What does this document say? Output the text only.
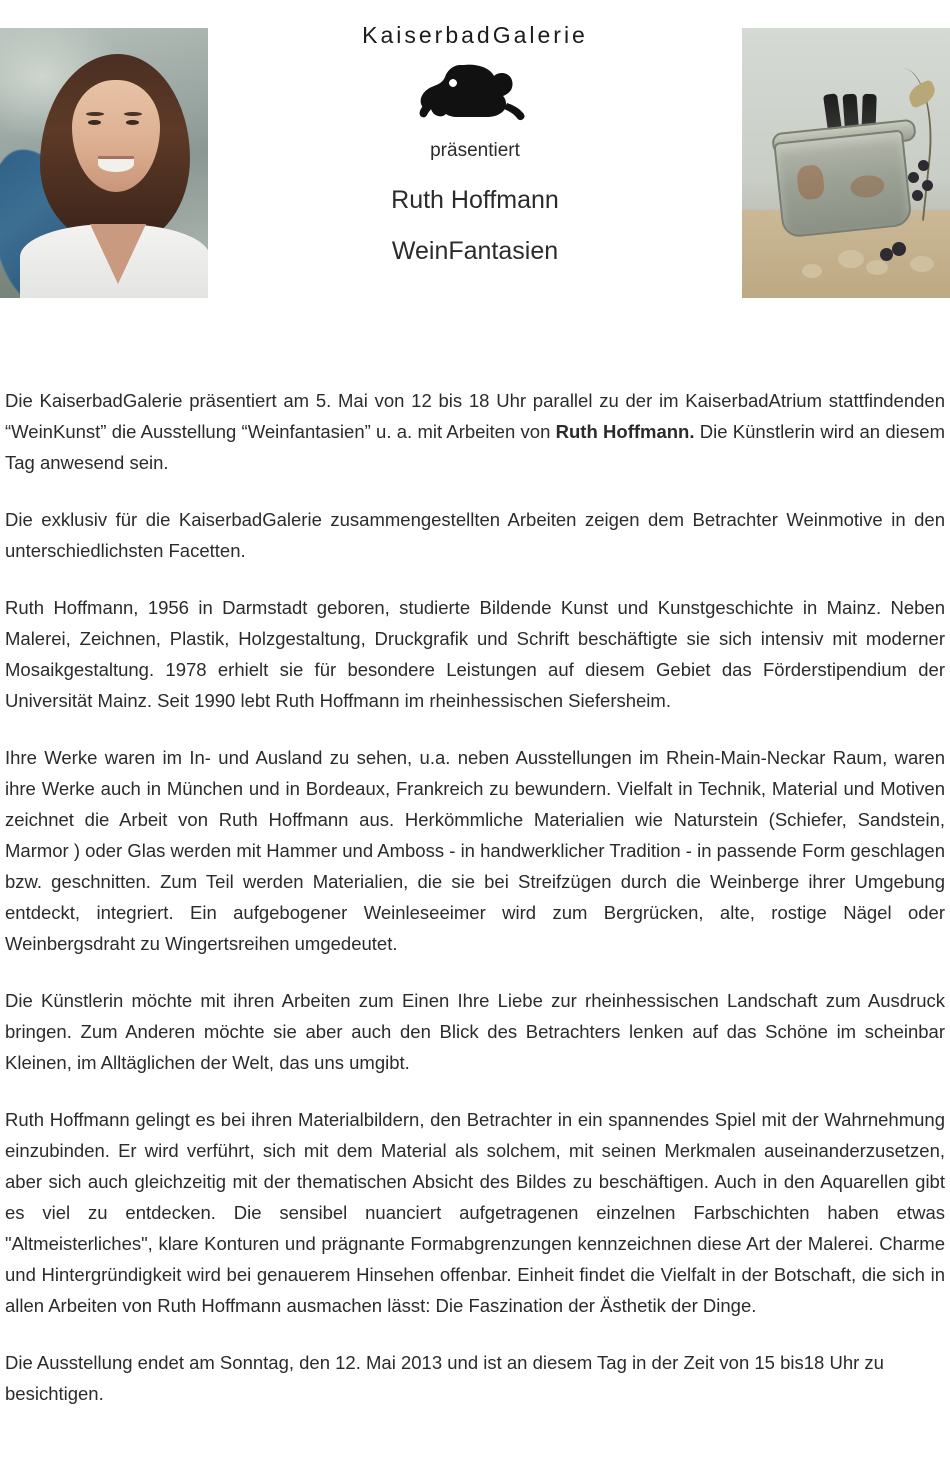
KaiserbadGalerie
präsentiert
Ruth Hoffmann
WeinFantasien

Die KaiserbadGalerie präsentiert am 5. Mai von 12 bis 18 Uhr parallel zu der im KaiserbadAtrium stattfindenden “WeinKunst” die Ausstellung “Weinfantasien” u. a. mit Arbeiten von Ruth Hoffmann. Die Künstlerin wird an diesem Tag anwesend sein.

Die exklusiv für die KaiserbadGalerie zusammengestellten Arbeiten zeigen dem Betrachter Weinmotive in den unterschiedlichsten Facetten.

Ruth Hoffmann, 1956 in Darmstadt geboren, studierte Bildende Kunst und Kunstgeschichte in Mainz. Neben Malerei, Zeichnen, Plastik, Holzgestaltung, Druckgrafik und Schrift beschäftigte sie sich intensiv mit moderner Mosaikgestaltung. 1978 erhielt sie für besondere Leistungen auf diesem Gebiet das Förderstipendium der Universität Mainz. Seit 1990 lebt Ruth Hoffmann im rheinhessischen Siefersheim.

Ihre Werke waren im In- und Ausland zu sehen, u.a. neben Ausstellungen im Rhein-Main-Neckar Raum, waren ihre Werke auch in München und in Bordeaux, Frankreich zu bewundern. Vielfalt in Technik, Material und Motiven zeichnet die Arbeit von Ruth Hoffmann aus. Herkömmliche Materialien wie Naturstein (Schiefer, Sandstein, Marmor ) oder Glas werden mit Hammer und Amboss - in handwerklicher Tradition - in passende Form geschlagen bzw. geschnitten. Zum Teil werden Materialien, die sie bei Streifzügen durch die Weinberge ihrer Umgebung entdeckt, integriert. Ein aufgebogener Weinleseeimer wird zum Bergrücken, alte, rostige Nägel oder Weinbergsdraht zu Wingertsreihen umgedeutet.

Die Künstlerin möchte mit ihren Arbeiten zum Einen Ihre Liebe zur rheinhessischen Landschaft zum Ausdruck bringen. Zum Anderen möchte sie aber auch den Blick des Betrachters lenken auf das Schöne im scheinbar Kleinen, im Alltäglichen der Welt, das uns umgibt.

Ruth Hoffmann gelingt es bei ihren Materialbildern, den Betrachter in ein spannendes Spiel mit der Wahrnehmung einzubinden. Er wird verführt, sich mit dem Material als solchem, mit seinen Merkmalen auseinanderzusetzen, aber sich auch gleichzeitig mit der thematischen Absicht des Bildes zu beschäftigen. Auch in den Aquarellen gibt es viel zu entdecken. Die sensibel nuanciert aufgetragenen einzelnen Farbschichten haben etwas "Altmeisterliches", klare Konturen und prägnante Formabgrenzungen kennzeichnen diese Art der Malerei. Charme und Hintergründigkeit wird bei genauerem Hinsehen offenbar. Einheit findet die Vielfalt in der Botschaft, die sich in allen Arbeiten von Ruth Hoffmann ausmachen lässt: Die Faszination der Ästhetik der Dinge.

Die Ausstellung endet am Sonntag, den 12. Mai 2013 und ist an diesem Tag in der Zeit von 15 bis18 Uhr zu besichtigen.
